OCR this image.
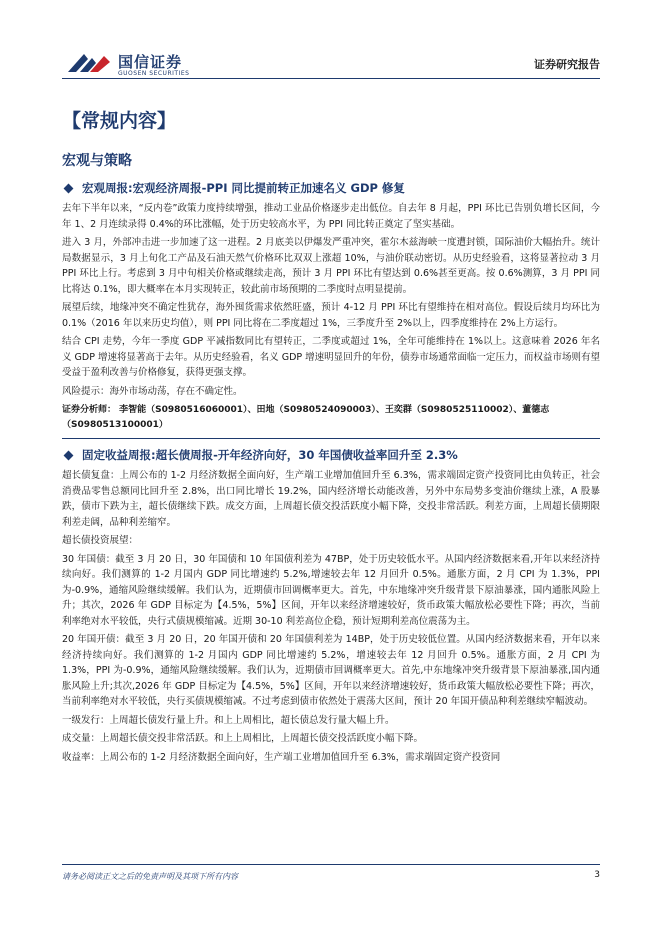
国信证券
GUOSEN SECURITIES
证券研究报告
【常规内容】
宏观与策略
宏观周报:宏观经济周报-PPI 同比提前转正加速名义 GDP 修复

去年下半年以来，“反内卷”政策力度持续增强，推动工业品价格逐步走出低位。自去年 8 月起，PPI 环比已告别负增长区间，今年 1、2 月连续录得 0.4%的环比涨幅，处于历史较高水平，为 PPI 同比转正奠定了坚实基础。

进入 3 月，外部冲击进一步加速了这一进程。2 月底美以伊爆发严重冲突，霍尔木兹海峡一度遭封锁，国际油价大幅抬升。统计局数据显示，3 月上旬化工产品及石油天然气价格环比双双上涨超 10%，与油价联动密切。从历史经验看，这将显著拉动 3 月 PPI 环比上行。考虑到 3 月中旬相关价格或继续走高，预计 3 月 PPI 环比有望达到 0.6%甚至更高。按 0.6%测算，3 月 PPI 同比将达 0.1%，即大概率在本月实现转正，较此前市场预期的二季度时点明显提前。

展望后续，地缘冲突不确定性犹存，海外囤货需求依然旺盛，预计 4-12 月 PPI 环比有望维持在相对高位。假设后续月均环比为 0.1%（2016 年以来历史均值），则 PPI 同比将在二季度超过 1%，三季度升至 2%以上，四季度维持在 2%上方运行。

结合 CPI 走势，今年一季度 GDP 平减指数同比有望转正，二季度或超过 1%，全年可能维持在 1%以上。这意味着 2026 年名义 GDP 增速将显著高于去年。从历史经验看，名义 GDP 增速明显回升的年份，债券市场通常面临一定压力，而权益市场则有望受益于盈利改善与价格修复，获得更强支撑。

风险提示：海外市场动荡，存在不确定性。

证券分析师： 李智能（S0980516060001）、田地（S0980524090003）、王奕群（S0980525110002）、董德志（S0980513100001）
固定收益周报:超长债周报-开年经济向好，30 年国债收益率回升至 2.3%

超长债复盘：上周公布的 1-2 月经济数据全面向好，生产端工业增加值回升至 6.3%，需求端固定资产投资同比由负转正，社会消费品零售总额同比回升至 2.8%，出口同比增长 19.2%，国内经济增长动能改善，另外中东局势多变油价继续上涨，A 股暴跌，债市下跌为主，超长债继续下跌。成交方面，上周超长债交投活跃度小幅下降，交投非常活跃。利差方面，上周超长债期限利差走阔，品种利差缩窄。

超长债投资展望：

30 年国债：截至 3 月 20 日，30 年国债和 10 年国债利差为 47BP，处于历史较低水平。从国内经济数据来看,开年以来经济持续向好。我们测算的 1-2 月国内 GDP 同比增速约 5.2%,增速较去年 12 月回升 0.5%。通胀方面，2 月 CPI 为 1.3%，PPI 为-0.9%，通缩风险继续缓解。我们认为，近期债市回调概率更大。首先，中东地缘冲突升级背景下原油暴涨，国内通胀风险上升；其次，2026 年 GDP 目标定为【4.5%，5%】区间，开年以来经济增速较好，货币政策大幅放松必要性下降；再次，当前利率绝对水平较低，央行式债规模缩减。近期 30-10 利差高位企稳，预计短期利差高位震荡为主。

20 年国开债：截至 3 月 20 日，20 年国开债和 20 年国债利差为 14BP，处于历史较低位置。从国内经济数据来看，开年以来经济持续向好。我们测算的 1-2 月国内 GDP 同比增速约 5.2%，增速较去年 12 月回升 0.5%。通胀方面，2 月 CPI 为 1.3%，PPI 为-0.9%，通缩风险继续缓解。我们认为，近期债市回调概率更大。首先,中东地缘冲突升级背景下原油暴涨,国内通胀风险上升;其次,2026 年 GDP 目标定为【4.5%，5%】区间，开年以来经济增速较好，货币政策大幅放松必要性下降；再次，当前利率绝对水平较低，央行买债规模缩减。不过考虑到债市依然处于震荡大区间，预计 20 年国开债品种利差继续窄幅波动。

一级发行：上周超长债发行量上升。和上上周相比，超长债总发行量大幅上升。

成交量：上周超长债交投非常活跃。和上上周相比，上周超长债交投活跃度小幅下降。

收益率：上周公布的 1-2 月经济数据全面向好，生产端工业增加值回升至 6.3%，需求端固定资产投资同

请务必阅读正文之后的免责声明及其项下所有内容	3
